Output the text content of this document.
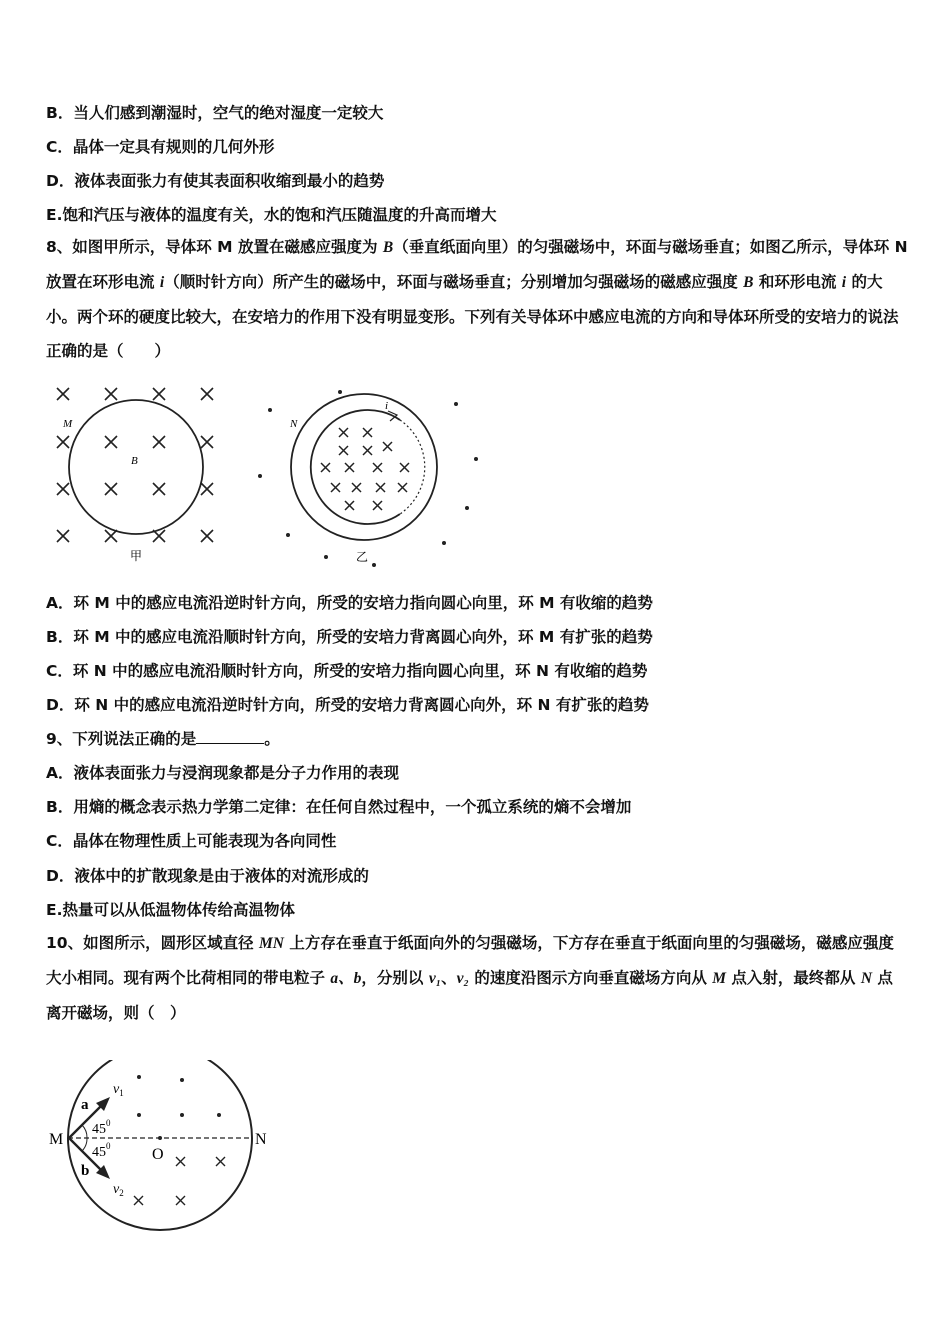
B．当人们感到潮湿时，空气的绝对湿度一定较大
C．晶体一定具有规则的几何外形
D．液体表面张力有使其表面积收缩到最小的趋势
E.饱和汽压与液体的温度有关，水的饱和汽压随温度的升高而增大
8、如图甲所示，导体环 M 放置在磁感应强度为 B（垂直纸面向里）的匀强磁场中，环面与磁场垂直；如图乙所示，导体环 N 放置在环形电流 i（顺时针方向）所产生的磁场中，环面与磁场垂直；分别增加匀强磁场的磁感应强度 B 和环形电流 i 的大小。两个环的硬度比较大，在安培力的作用下没有明显变形。下列有关导体环中感应电流的方向和导体环所受的安培力的说法正确的是（　　）
M
B
甲
N
i
乙
A．环 M 中的感应电流沿逆时针方向，所受的安培力指向圆心向里，环 M 有收缩的趋势
B．环 M 中的感应电流沿顺时针方向，所受的安培力背离圆心向外，环 M 有扩张的趋势
C．环 N 中的感应电流沿顺时针方向，所受的安培力指向圆心向里，环 N 有收缩的趋势
D．环 N 中的感应电流沿逆时针方向，所受的安培力背离圆心向外，环 N 有扩张的趋势
9、下列说法正确的是	。
A．液体表面张力与浸润现象都是分子力作用的表现
B．用熵的概念表示热力学第二定律：在任何自然过程中，一个孤立系统的熵不会增加
C．晶体在物理性质上可能表现为各向同性
D．液体中的扩散现象是由于液体的对流形成的
E.热量可以从低温物体传给高温物体
10、如图所示，圆形区域直径 MN 上方存在垂直于纸面向外的匀强磁场，下方存在垂直于纸面向里的匀强磁场，磁感应强度大小相同。现有两个比荷相同的带电粒子 a、b，分别以 v₁、v₂ 的速度沿图示方向垂直磁场方向从 M 点入射，最终都从 N 点离开磁场，则（　）
M	N
O
a
b
$v_1$
$v_2$
$45^0$
$45^0$
